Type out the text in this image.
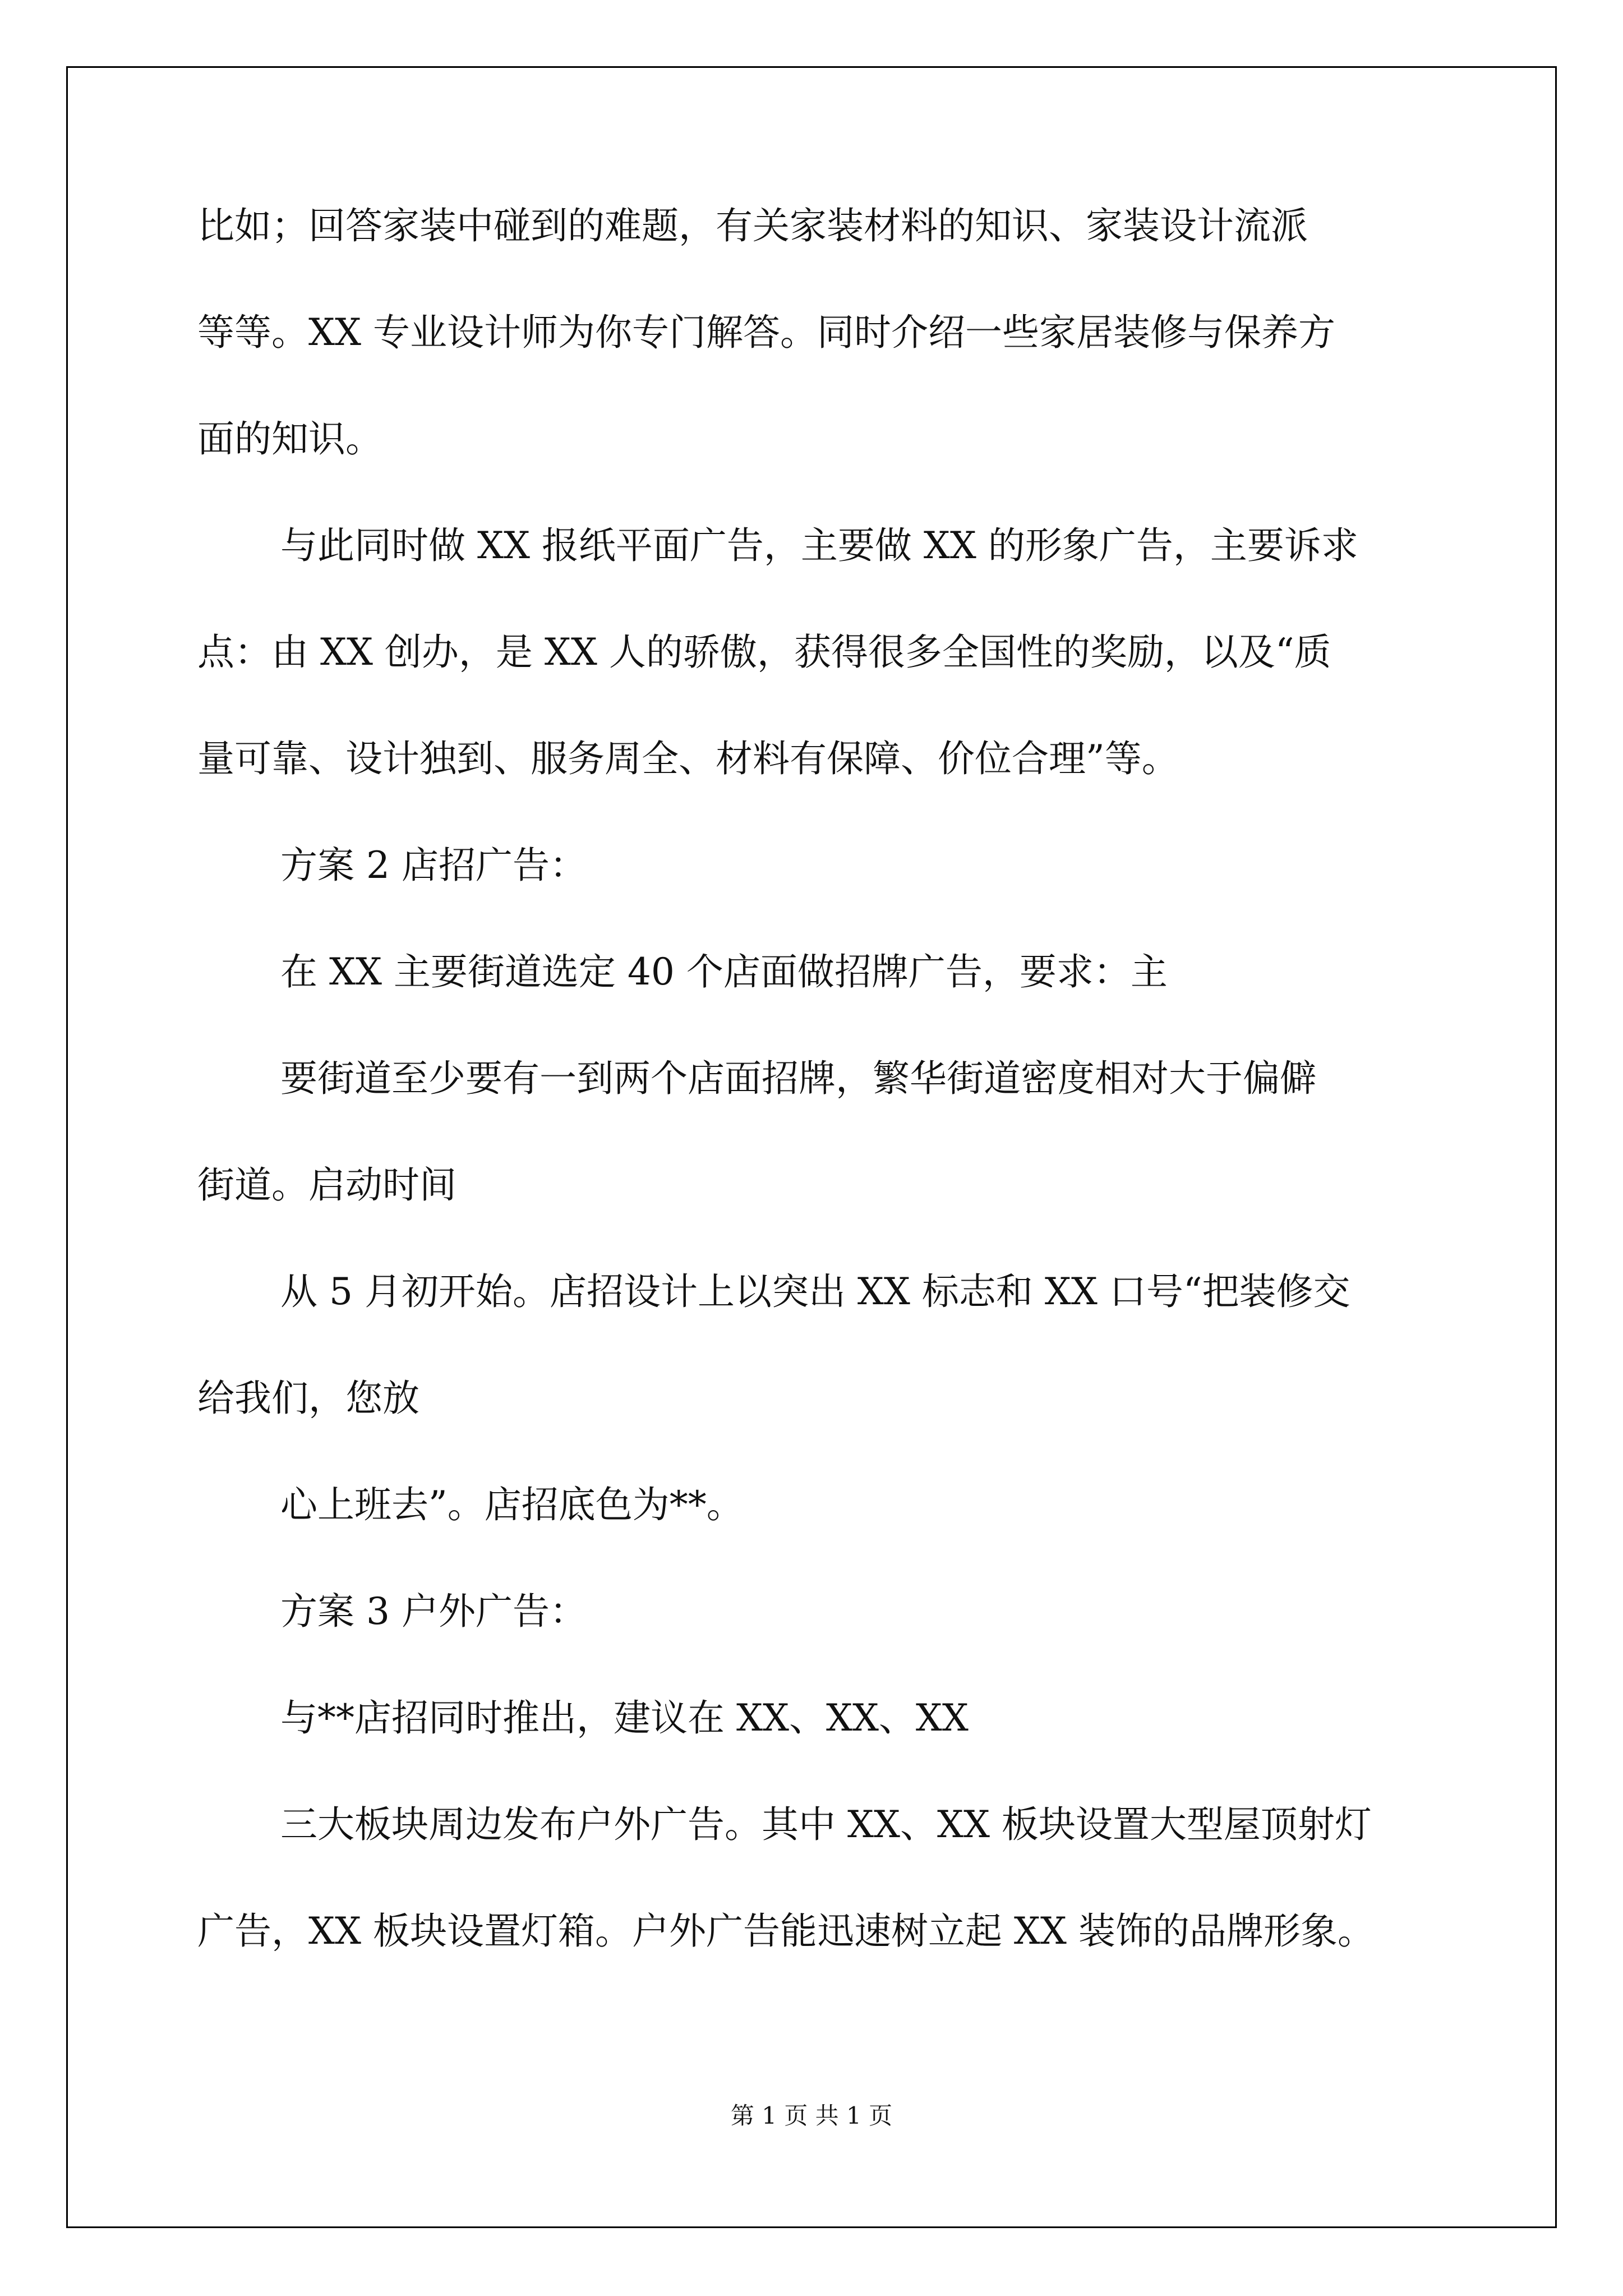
比如；回答家装中碰到的难题，有关家装材料的知识、家装设计流派
等等。XX 专业设计师为你专门解答。同时介绍一些家居装修与保养方
面的知识。
与此同时做 XX 报纸平面广告，主要做 XX 的形象广告，主要诉求
点：由 XX 创办，是 XX 人的骄傲，获得很多全国性的奖励，以及“质
量可靠、设计独到、服务周全、材料有保障、价位合理”等。
方案 2 店招广告：
在 XX 主要街道选定 40 个店面做招牌广告，要求：主
要街道至少要有一到两个店面招牌，繁华街道密度相对大于偏僻
街道。启动时间
从 5 月初开始。店招设计上以突出 XX 标志和 XX 口号“把装修交
给我们，您放
心上班去”。店招底色为**。
方案 3 户外广告：
与**店招同时推出，建议在 XX、XX、XX
三大板块周边发布户外广告。其中 XX、XX 板块设置大型屋顶射灯
广告，XX 板块设置灯箱。户外广告能迅速树立起 XX 装饰的品牌形象。
第 1 页 共 1 页
